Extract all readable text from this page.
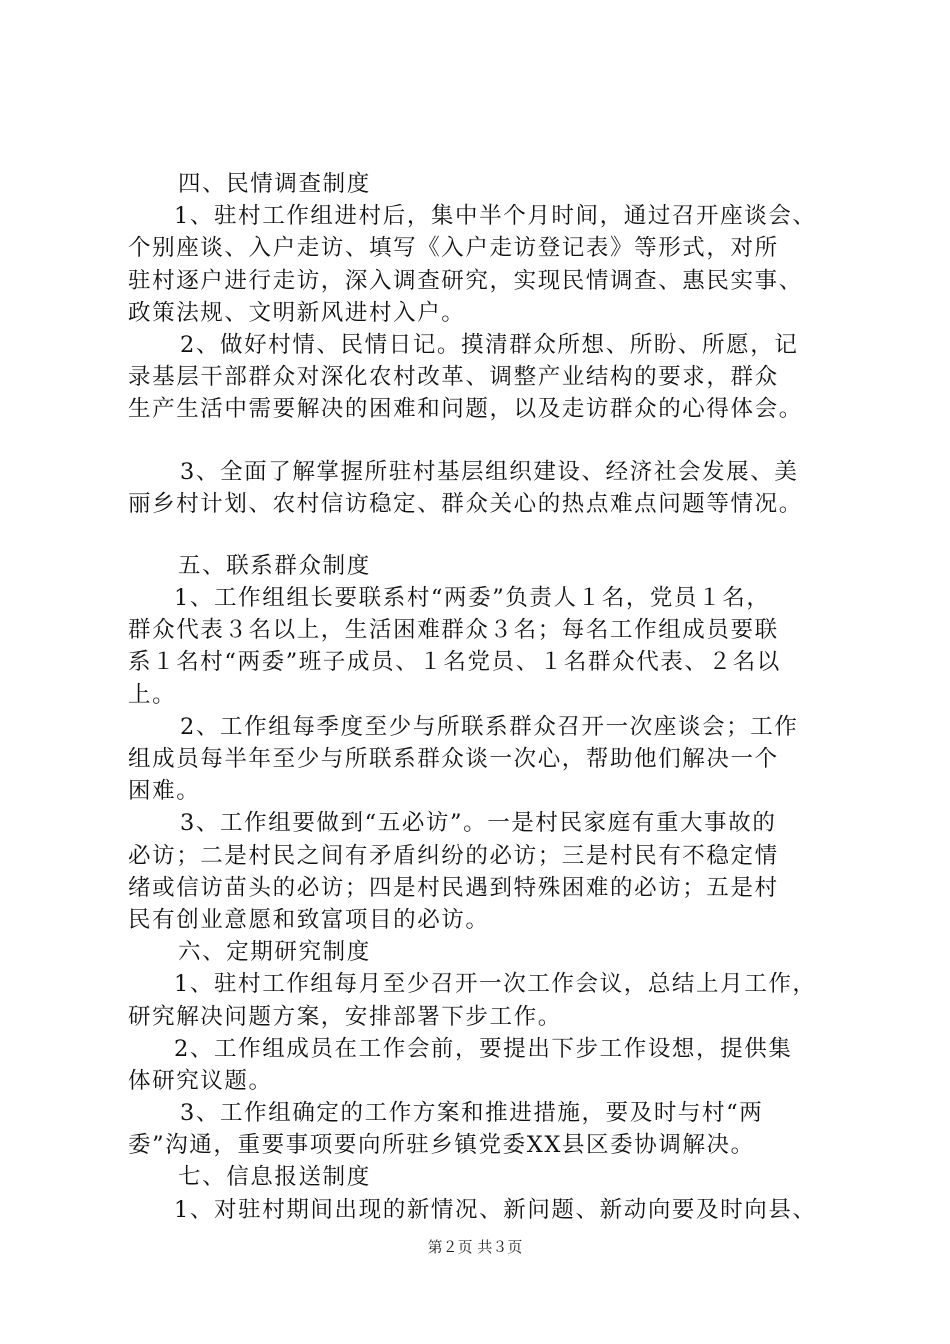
四、民情调查制度
1、驻村工作组进村后，集中半个月时间，通过召开座谈会、
个别座谈、入户走访、填写《入户走访登记表》等形式，对所
驻村逐户进行走访，深入调查研究，实现民情调查、惠民实事、
政策法规、文明新风进村入户。
2、做好村情、民情日记。摸清群众所想、所盼、所愿，记
录基层干部群众对深化农村改革、调整产业结构的要求，群众
生产生活中需要解决的困难和问题，以及走访群众的心得体会。
3、全面了解掌握所驻村基层组织建设、经济社会发展、美
丽乡村计划、农村信访稳定、群众关心的热点难点问题等情况。
五、联系群众制度
1、工作组组长要联系村“两委”负责人１名，党员１名，
群众代表３名以上，生活困难群众３名；每名工作组成员要联
系１名村“两委”班子成员、１名党员、１名群众代表、２名以
上。
2、工作组每季度至少与所联系群众召开一次座谈会；工作
组成员每半年至少与所联系群众谈一次心，帮助他们解决一个
困难。
3、工作组要做到“五必访”。一是村民家庭有重大事故的
必访；二是村民之间有矛盾纠纷的必访；三是村民有不稳定情
绪或信访苗头的必访；四是村民遇到特殊困难的必访；五是村
民有创业意愿和致富项目的必访。
六、定期研究制度
1、驻村工作组每月至少召开一次工作会议，总结上月工作，
研究解决问题方案，安排部署下步工作。
2、工作组成员在工作会前，要提出下步工作设想，提供集
体研究议题。
3、工作组确定的工作方案和推进措施，要及时与村“两
委”沟通，重要事项要向所驻乡镇党委XX县区委协调解决。
七、信息报送制度
1、对驻村期间出现的新情况、新问题、新动向要及时向县、
第２页 共３页
